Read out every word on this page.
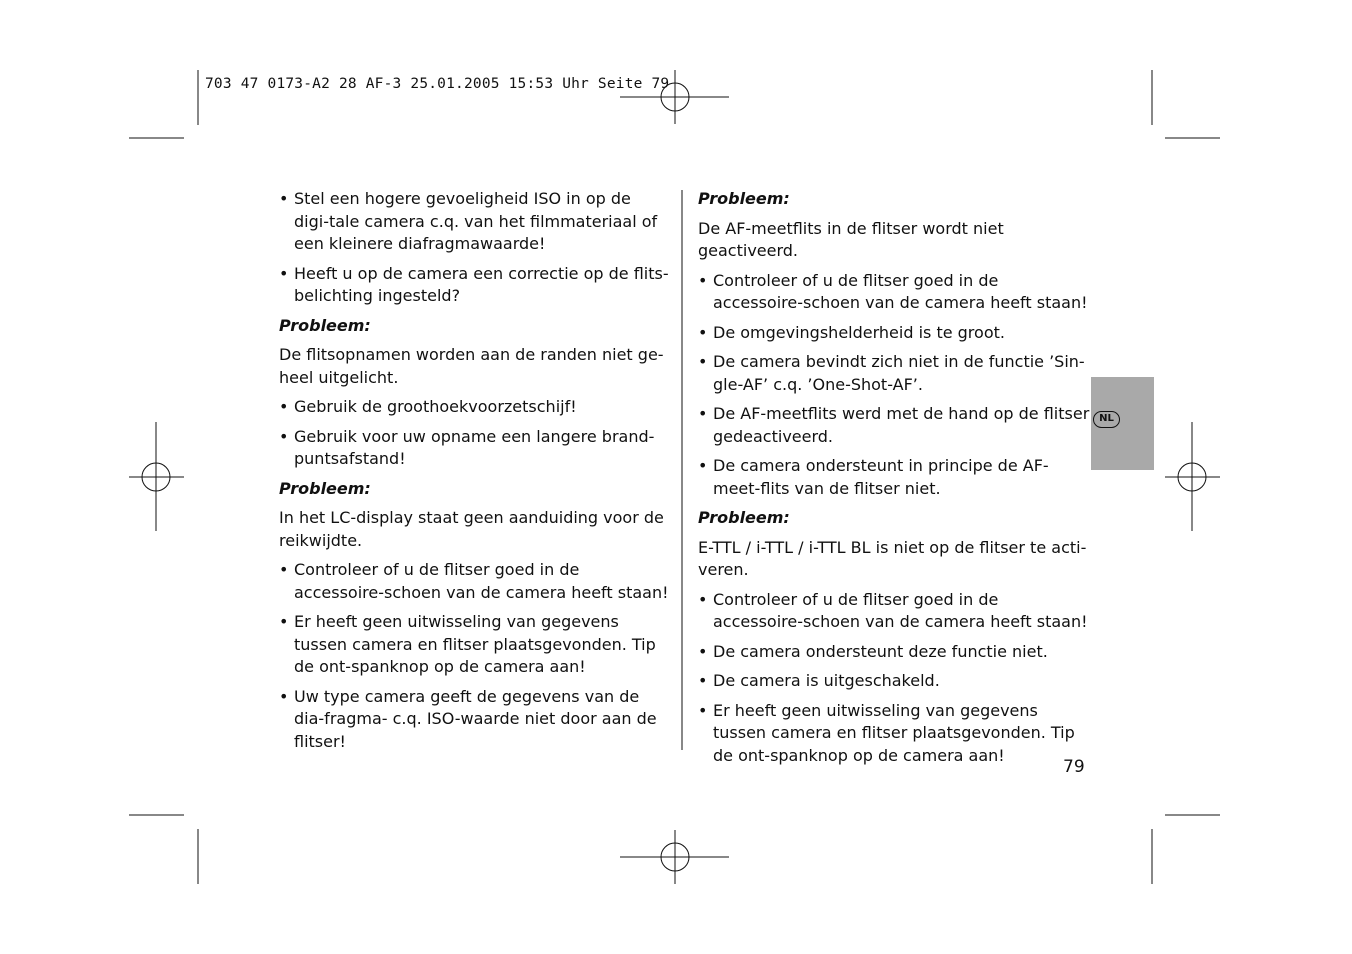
703 47 0173-A2 28 AF-3 25.01.2005 15:53 Uhr Seite 79
• Stel een hogere gevoeligheid ISO in op de digi-tale camera c.q. van het filmmateriaal of een kleinere diafragmawaarde!
• Heeft u op de camera een correctie op de flits-belichting ingesteld?
Probleem:
De flitsopnamen worden aan de randen niet ge-heel uitgelicht.
• Gebruik de groothoekvoorzetschijf!
• Gebruik voor uw opname een langere brand-puntsafstand!
Probleem:
In het LC-display staat geen aanduiding voor de reikwijdte.
• Controleer of u de flitser goed in de accessoire-schoen van de camera heeft staan!
• Er heeft geen uitwisseling van gegevens tussen camera en flitser plaatsgevonden. Tip de ont-spanknop op de camera aan!
• Uw type camera geeft de gegevens van de dia-fragma- c.q. ISO-waarde niet door aan de flitser!
Probleem:
De AF-meetflits in de flitser wordt niet geactiveerd.
• Controleer of u de flitser goed in de accessoire-schoen van de camera heeft staan!
• De omgevingshelderheid is te groot.
• De camera bevindt zich niet in de functie ’Sin-gle-AF’ c.q. ’One-Shot-AF’.
• De AF-meetflits werd met de hand op de flitser gedeactiveerd.
• De camera ondersteunt in principe de AF-meet-flits van de flitser niet.
Probleem:
E-TTL / i-TTL / i-TTL BL is niet op de flitser te acti-veren.
• Controleer of u de flitser goed in de accessoire-schoen van de camera heeft staan!
• De camera ondersteunt deze functie niet.
• De camera is uitgeschakeld.
• Er heeft geen uitwisseling van gegevens tussen camera en flitser plaatsgevonden. Tip de ont-spanknop op de camera aan!
NL
79
